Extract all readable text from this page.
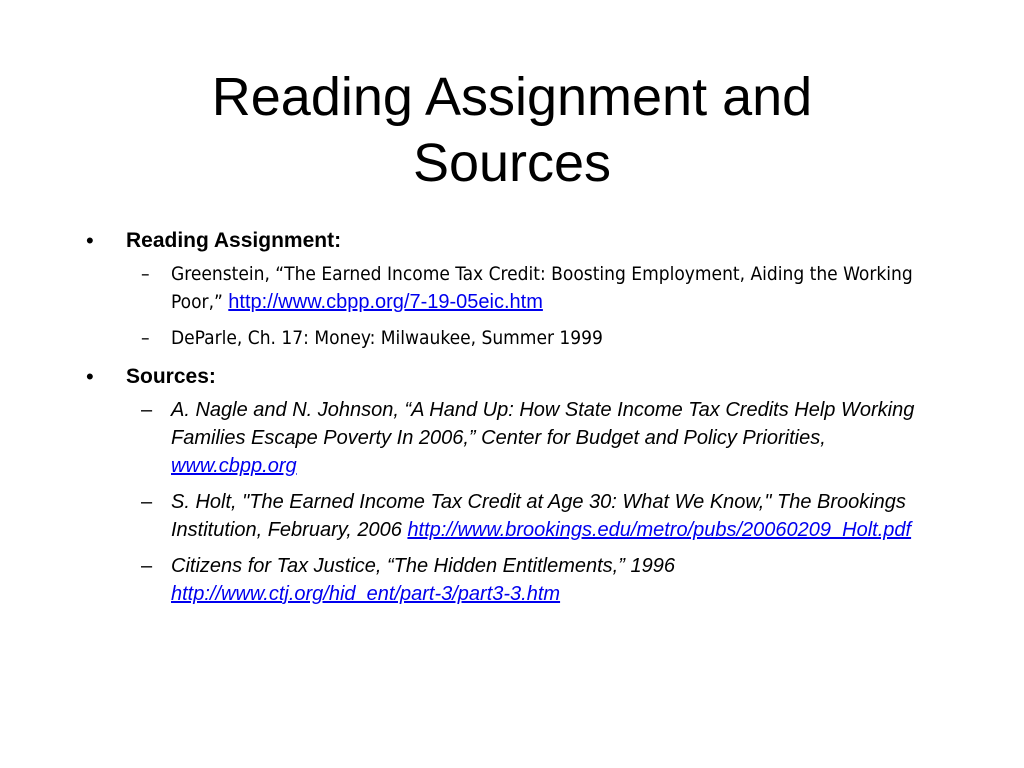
Reading Assignment and
Sources
• Reading Assignment:
– Greenstein, “The Earned Income Tax Credit: Boosting Employment, Aiding the Working Poor,” http://www.cbpp.org/7-19-05eic.htm
– DeParle, Ch. 17: Money: Milwaukee, Summer 1999
• Sources:
– A. Nagle and N. Johnson, “A Hand Up: How State Income Tax Credits Help Working Families Escape Poverty In 2006,” Center for Budget and Policy Priorities, www.cbpp.org
– S. Holt, "The Earned Income Tax Credit at Age 30: What We Know," The Brookings Institution, February, 2006 http://www.brookings.edu/metro/pubs/20060209_Holt.pdf
– Citizens for Tax Justice, “The Hidden Entitlements,” 1996
http://www.ctj.org/hid_ent/part-3/part3-3.htm
